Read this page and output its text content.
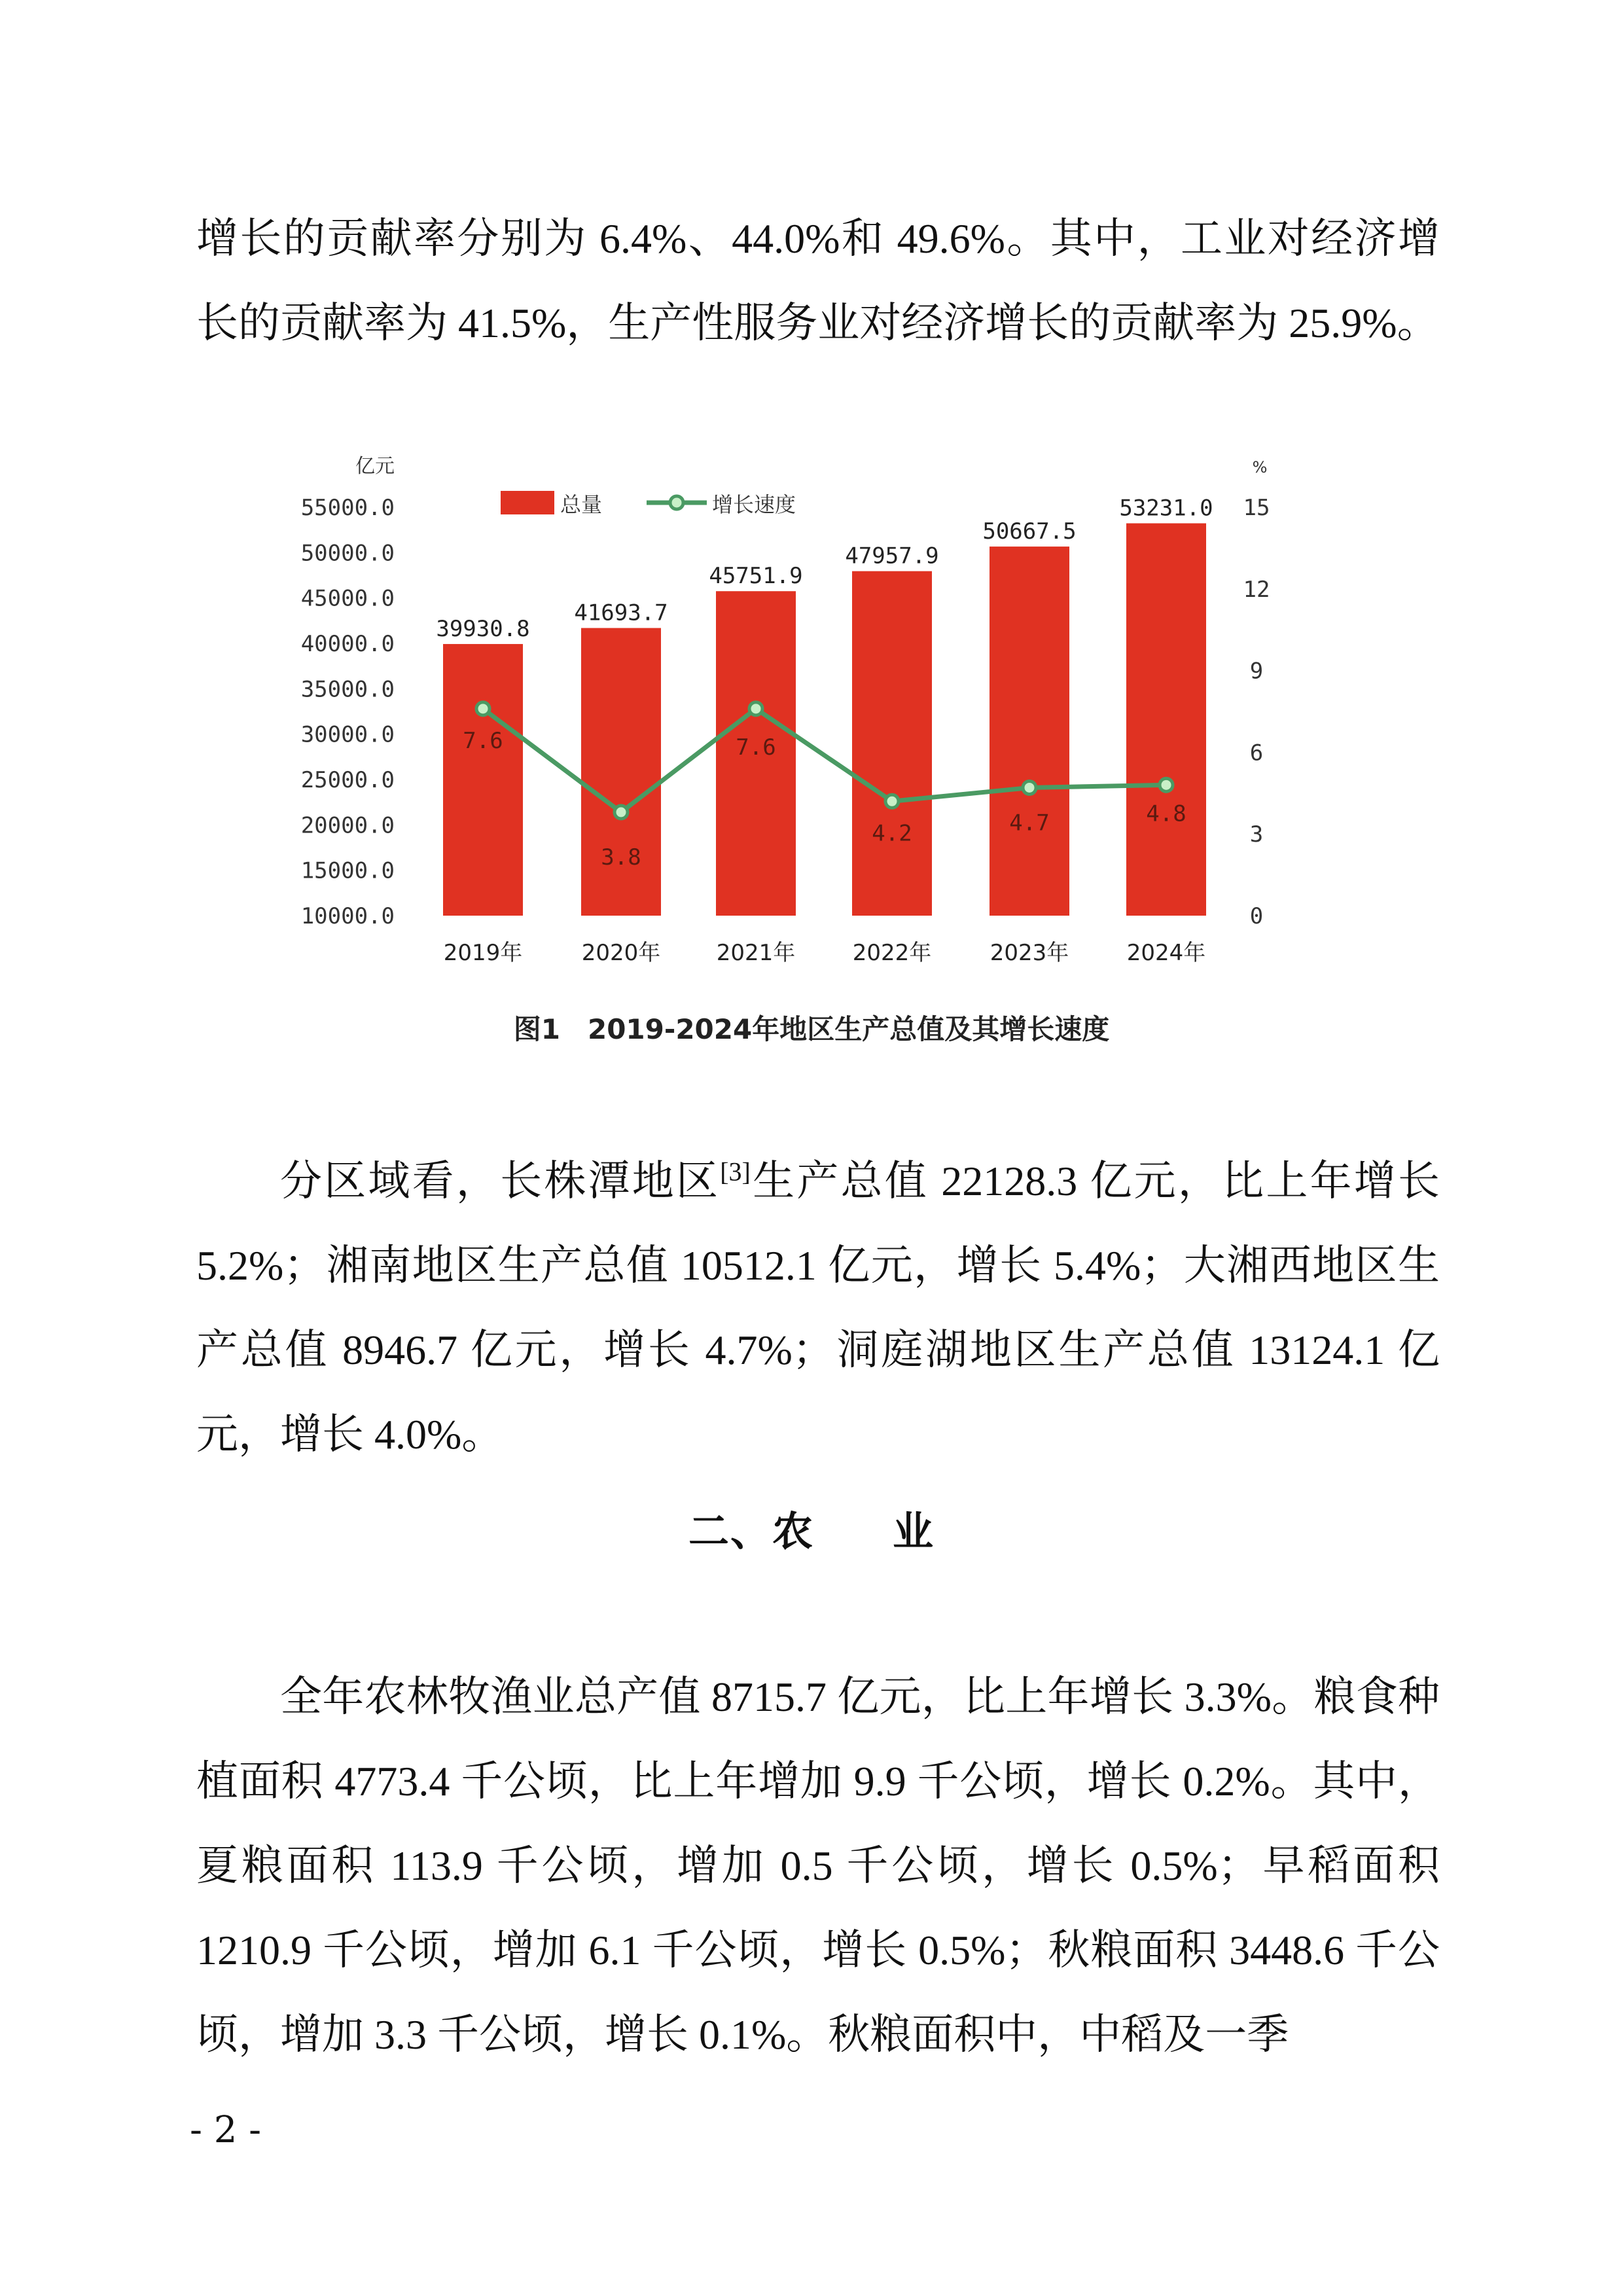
增长的贡献率分别为 6.4%、44.0%和 49.6%。其中，工业对经济增长的贡献率为 41.5%，生产性服务业对经济增长的贡献率为 25.9%。

亿元	%
55000.0
50000.0
45000.0
40000.0
35000.0
30000.0
25000.0
20000.0
15000.0
10000.0
15
12
9
6
3
0
39930.8
2019年
41693.7
2020年
45751.9
2021年
47957.9
2022年
50667.5
2023年
53231.0
2024年
7.6
3.8
7.6
4.2	4.7	4.8
总量	增长速度
图1　2019-2024年地区生产总值及其增长速度

分区域看，长株潭地区[3]生产总值 22128.3 亿元，比上年增长 5.2%；湘南地区生产总值 10512.1 亿元，增长 5.4%；大湘西地区生产总值 8946.7 亿元，增长 4.7%；洞庭湖地区生产总值 13124.1 亿元，增长 4.0%。

二、农 业

全年农林牧渔业总产值 8715.7 亿元，比上年增长 3.3%。粮食种植面积 4773.4 千公顷，比上年增加 9.9 千公顷，增长 0.2%。其中，夏粮面积 113.9 千公顷，增加 0.5 千公顷，增长 0.5%；早稻面积 1210.9 千公顷，增加 6.1 千公顷，增长 0.5%；秋粮面积 3448.6 千公顷，增加 3.3 千公顷，增长 0.1%。秋粮面积中，中稻及一季

- 2 -
